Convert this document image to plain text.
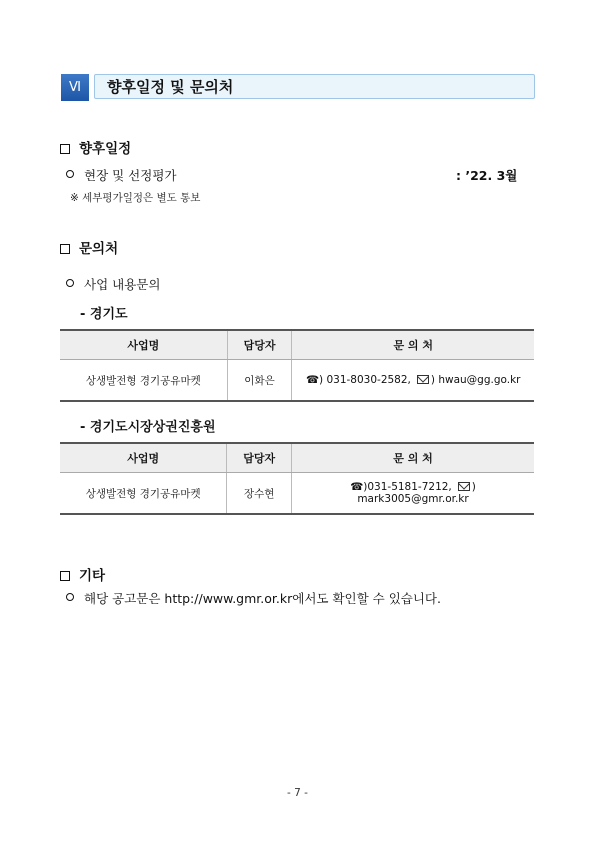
Ⅵ	향후일정 및 문의처
향후일정
현장 및 선정평가	: ’22. 3월
※ 세부평가일정은 별도 통보
문의처
사업 내용문의
- 경기도
사업명	담당자	문 의 처
상생발전형 경기공유마켓	이화은	☎) 031-8030-2582, ) hwau@gg.go.kr
- 경기도시장상권진흥원
사업명	담당자	문 의 처
상생발전형 경기공유마켓	장수현	☎)031-5181-7212, ) mark3005@gmr.or.kr
기타
해당 공고문은 http://www.gmr.or.kr에서도 확인할 수 있습니다.
- 7 -
